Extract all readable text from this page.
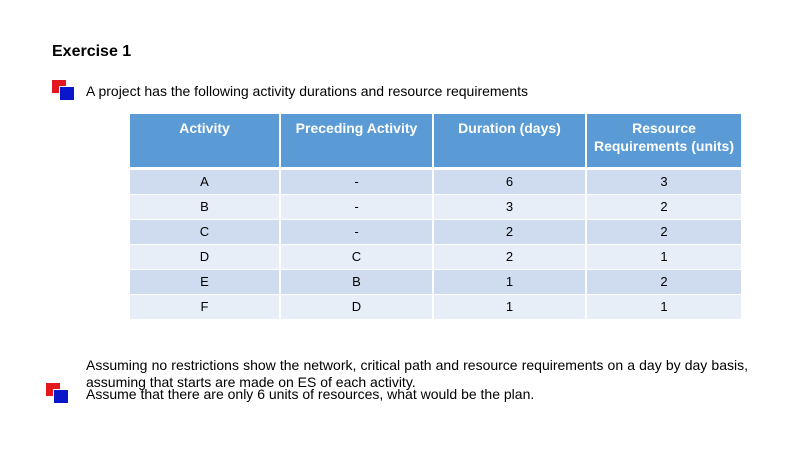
Exercise 1

A project has the following activity durations and resource requirements

Activity	Preceding Activity	Duration (days)	Resource Requirements (units)
A	-	6	3
B	-	3	2
C	-	2	2
D	C	2	1
E	B	1	2
F	D	1	1

Assuming no restrictions show the network, critical path and resource requirements on a day by day basis, assuming that starts are made on ES of each activity.

Assume that there are only 6 units of resources, what would be the plan.
